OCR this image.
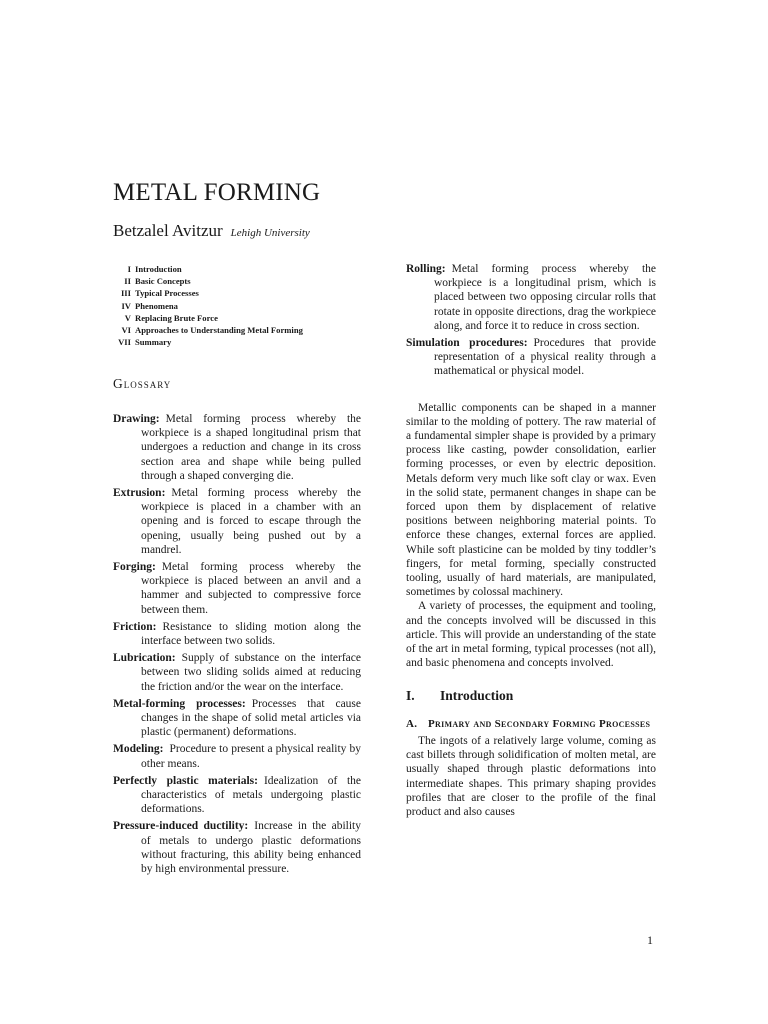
METAL FORMING
Betzalel Avitzur Lehigh University
I Introduction
II Basic Concepts
III Typical Processes
IV Phenomena
V Replacing Brute Force
VI Approaches to Understanding Metal Forming
VII Summary
Glossary

Drawing: Metal forming process whereby the workpiece is a shaped longitudinal prism that undergoes a reduction and change in its cross section area and shape while being pulled through a shaped converging die.

Extrusion: Metal forming process whereby the workpiece is placed in a chamber with an opening and is forced to escape through the opening, usually being pushed out by a mandrel.

Forging: Metal forming process whereby the workpiece is placed between an anvil and a hammer and subjected to compressive force between them.

Friction: Resistance to sliding motion along the interface between two solids.

Lubrication: Supply of substance on the interface between two sliding solids aimed at reducing the friction and/or the wear on the interface.

Metal-forming processes: Processes that cause changes in the shape of solid metal articles via plastic (permanent) deformations.

Modeling: Procedure to present a physical reality by other means.

Perfectly plastic materials: Idealization of the characteristics of metals undergoing plastic deformations.

Pressure-induced ductility: Increase in the ability of metals to undergo plastic deformations without fracturing, this ability being enhanced by high environmental pressure.

Rolling: Metal forming process whereby the workpiece is a longitudinal prism, which is placed between two opposing circular rolls that rotate in opposite directions, drag the workpiece along, and force it to reduce in cross section.

Simulation procedures: Procedures that provide representation of a physical reality through a mathematical or physical model.

Metallic components can be shaped in a manner similar to the molding of pottery. The raw material of a fundamental simpler shape is provided by a primary process like casting, powder consolidation, earlier forming processes, or even by electric deposition. Metals deform very much like soft clay or wax. Even in the solid state, permanent changes in shape can be forced upon them by displacement of relative positions between neighboring material points. To enforce these changes, external forces are applied. While soft plasticine can be molded by tiny toddler’s fingers, for metal forming, specially constructed tooling, usually of hard materials, are manipulated, sometimes by colossal machinery.

A variety of processes, the equipment and tooling, and the concepts involved will be discussed in this article. This will provide an understanding of the state of the art in metal forming, typical processes (not all), and basic phenomena and concepts involved.

I. Introduction
A. Primary and Secondary Forming Processes

The ingots of a relatively large volume, coming as cast billets through solidification of molten metal, are usually shaped through plastic deformations into intermediate shapes. This primary shaping provides profiles that are closer to the profile of the final product and also causes

1
